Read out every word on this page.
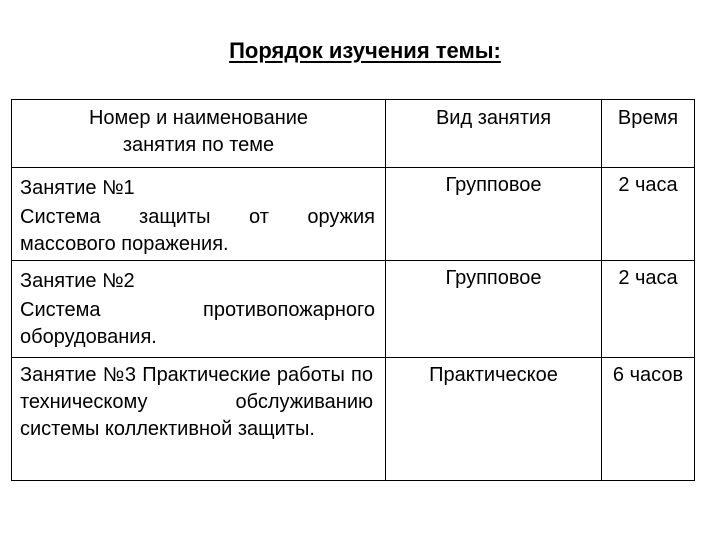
Порядок изучения темы:
Номер и наименование занятия по теме	Вид занятия	Время

Занятие №1
Система защиты от оружия массового поражения.	Групповое	2 часа

Занятие №2
Система противопожарного оборудования.	Групповое	2 часа

Занятие №3 Практические работы по техническому обслуживанию системы коллективной защиты.	Практическое	6 часов
